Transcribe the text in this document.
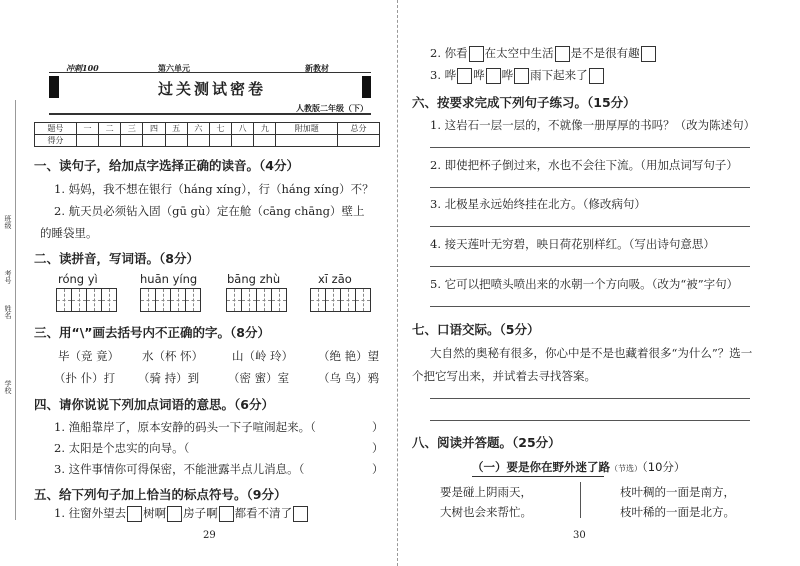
学校
姓名
班级
考号
冲刺100	第六单元	新教材
过关测试密卷
人教版二年级（下）
题号	一	二	三	四	五	六	七	八	九	附加题	总分
得分											
一、读句子，给加点字选择正确的读音。（4分）
1. 妈妈，我不想在银行（háng xíng），行（háng xíng）不？
2. 航天员必须钻入固（gū gù）定在舱（cāng chāng）壁上
的睡袋里。
二、读拼音，写词语。（8分）
róng yì	huān yíng	bāng zhù	xī zāo
三、用“\”画去括号内不正确的字。（8分）
毕（竞 竟） 水（杯 怀）	山（岭 玲） （绝 艳）望
（扑 仆）打 （骑 持）到	（密 蜜）室	（乌 鸟）鸦
四、请你说说下列加点词语的意思。（6分）
1. 渔船靠岸了，原本安静的码头一下子喧闹起来。（	）
2. 太阳是个忠实的向导。（	）
3. 这件事情你可得保密，不能泄露半点儿消息。（	）
五、给下列句子加上恰当的标点符号。（9分）
1. 往窗外望去 树啊 房子啊 都看不清了
29
2. 你看 在太空中生活 是不是很有趣
3. 哗 哗 哗 雨下起来了
六、按要求完成下列句子练习。（15分）
1. 这岩石一层一层的，不就像一册厚厚的书吗？（改为陈述句）
2. 即使把杯子倒过来，水也不会往下流。（用加点词写句子）
3. 北极星永远始终挂在北方。（修改病句）
4. 接天莲叶无穷碧，映日荷花别样红。（写出诗句意思）
5. 它可以把喷头喷出来的水朝一个方向吸。（改为“被”字句）
七、口语交际。（5分）
大自然的奥秘有很多，你心中是不是也藏着很多“为什么”？选一
个把它写出来，并试着去寻找答案。
八、阅读并答题。（25分）
（一）要是你在野外迷了路（节选）（10分）
要是碰上阴雨天，
大树也会来帮忙。
枝叶稠的一面是南方，
枝叶稀的一面是北方。
30
